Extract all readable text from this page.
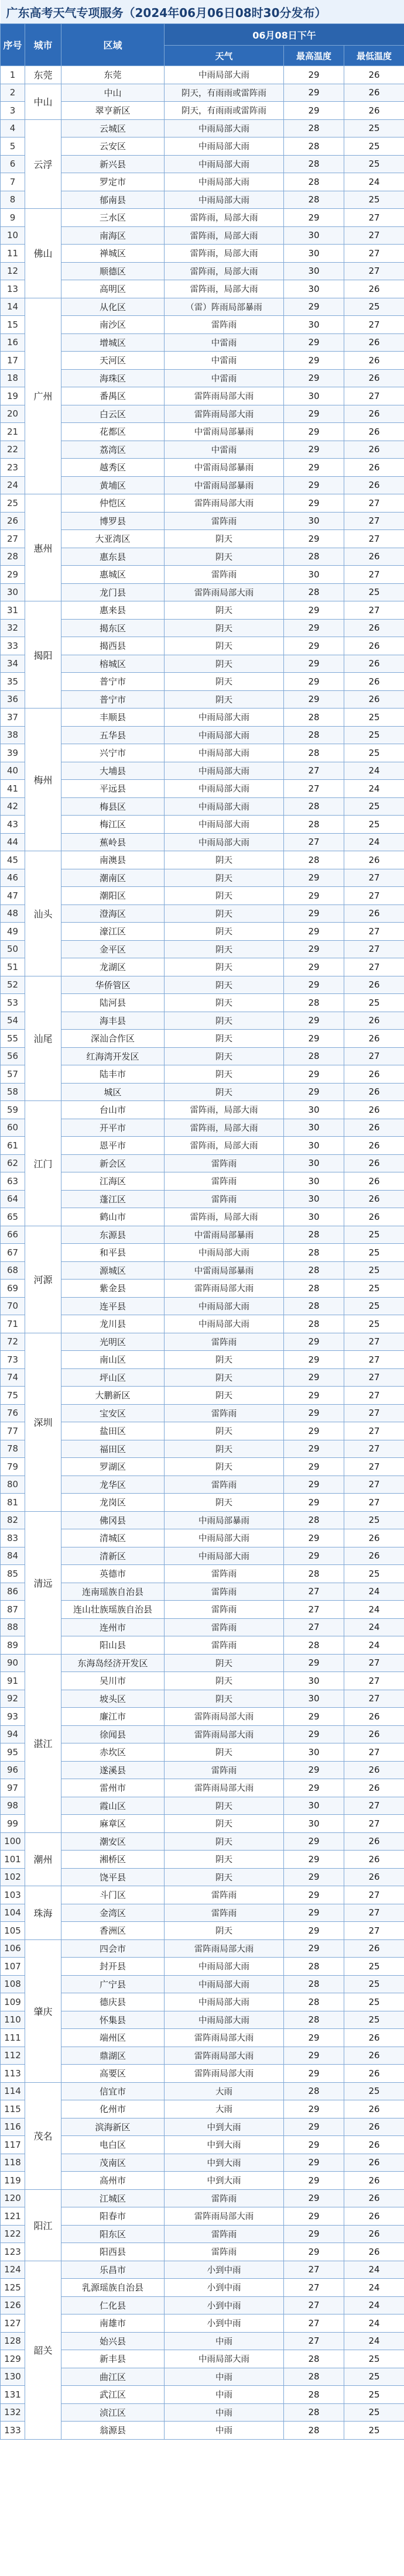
广东高考天气专项服务（2024年06月06日08时30分发布）					
序号	城市	区域	06月08日下午		
			天气	最高温度	最低温度
1	东莞	东莞	中雨局部大雨	29	26
2	中山	中山	阴天，有雨雨或雷阵雨	29	26
3		翠亨新区	阴天，有雨雨或雷阵雨	29	26
4	云浮	云城区	中雨局部大雨	28	25
5		云安区	中雨局部大雨	28	25
6		新兴县	中雨局部大雨	28	25
7		罗定市	中雨局部大雨	28	24
8		郁南县	中雨局部大雨	28	25
9	佛山	三水区	雷阵雨，局部大雨	29	27
10		南海区	雷阵雨，局部大雨	30	27
11		禅城区	雷阵雨，局部大雨	30	27
12		顺德区	雷阵雨，局部大雨	30	27
13		高明区	雷阵雨，局部大雨	30	26
14	广州	从化区	（雷）阵雨局部暴雨	29	25
15		南沙区	雷阵雨	30	27
16		增城区	中雷雨	29	26
17		天河区	中雷雨	29	26
18		海珠区	中雷雨	29	26
19		番禺区	雷阵雨局部大雨	30	27
20		白云区	雷阵雨局部大雨	29	26
21		花都区	中雷雨局部暴雨	29	26
22		荔湾区	中雷雨	29	26
23		越秀区	中雷雨局部暴雨	29	26
24		黄埔区	中雷雨局部暴雨	29	26
25	惠州	仲恺区	雷阵雨局部大雨	29	27
26		博罗县	雷阵雨	30	27
27		大亚湾区	阴天	29	27
28		惠东县	阴天	28	26
29		惠城区	雷阵雨	30	27
30		龙门县	雷阵雨局部大雨	28	25
31	揭阳	惠来县	阴天	29	27
32		揭东区	阴天	29	26
33		揭西县	阴天	29	26
34		榕城区	阴天	29	26
35		普宁市	阴天	29	26
36		普宁市	阴天	29	26
37	梅州	丰顺县	中雨局部大雨	28	25
38		五华县	中雨局部大雨	28	25
39		兴宁市	中雨局部大雨	28	25
40		大埔县	中雨局部大雨	27	24
41		平远县	中雨局部大雨	27	24
42		梅县区	中雨局部大雨	28	25
43		梅江区	中雨局部大雨	28	25
44		蕉岭县	中雨局部大雨	27	24
45	汕头	南澳县	阴天	28	26
46		潮南区	阴天	29	27
47		潮阳区	阴天	29	27
48		澄海区	阴天	29	26
49		濠江区	阴天	29	27
50		金平区	阴天	29	27
51		龙湖区	阴天	29	27
52	汕尾	华侨管区	阴天	29	26
53		陆河县	阴天	28	25
54		海丰县	阴天	29	26
55		深汕合作区	阴天	29	26
56		红海湾开发区	阴天	28	27
57		陆丰市	阴天	29	26
58		城区	阴天	29	26
59	江门	台山市	雷阵雨，局部大雨	30	26
60		开平市	雷阵雨，局部大雨	30	26
61		恩平市	雷阵雨，局部大雨	30	26
62		新会区	雷阵雨	30	26
63		江海区	雷阵雨	30	26
64		蓬江区	雷阵雨	30	26
65		鹤山市	雷阵雨，局部大雨	30	26
66	河源	东源县	中雷雨局部暴雨	28	25
67		和平县	中雨局部大雨	28	25
68		源城区	中雷雨局部暴雨	28	25
69		紫金县	雷阵雨局部大雨	28	25
70		连平县	中雨局部大雨	28	25
71		龙川县	中雨局部大雨	28	25
72	深圳	光明区	雷阵雨	29	27
73		南山区	阴天	29	27
74		坪山区	阴天	29	27
75		大鹏新区	阴天	29	27
76		宝安区	雷阵雨	29	27
77		盐田区	阴天	29	27
78		福田区	阴天	29	27
79		罗湖区	阴天	29	27
80		龙华区	雷阵雨	29	27
81		龙岗区	阴天	29	27
82	清远	佛冈县	中雨局部暴雨	28	25
83		清城区	中雨局部大雨	29	26
84		清新区	中雨局部大雨	29	26
85		英德市	雷阵雨	28	25
86		连南瑶族自治县	雷阵雨	27	24
87		连山壮族瑶族自治县	雷阵雨	27	24
88		连州市	雷阵雨	27	24
89		阳山县	雷阵雨	28	24
90	湛江	东海岛经济开发区	阴天	29	27
91		吴川市	阴天	30	27
92		坡头区	阴天	30	27
93		廉江市	雷阵雨局部大雨	29	26
94		徐闻县	雷阵雨局部大雨	29	26
95		赤坎区	阴天	30	27
96		遂溪县	雷阵雨	29	26
97		雷州市	雷阵雨局部大雨	29	26
98		霞山区	阴天	30	27
99		麻章区	阴天	30	27
100	潮州	潮安区	阴天	29	26
101		湘桥区	阴天	29	26
102		饶平县	阴天	29	26
103	珠海	斗门区	雷阵雨	29	27
104		金湾区	雷阵雨	29	27
105		香洲区	阴天	29	27
106	肇庆	四会市	雷阵雨局部大雨	29	26
107		封开县	中雨局部大雨	28	25
108		广宁县	中雨局部大雨	28	25
109		德庆县	中雨局部大雨	28	25
110		怀集县	中雨局部大雨	28	25
111		端州区	雷阵雨局部大雨	29	26
112		鼎湖区	雷阵雨局部大雨	29	26
113		高要区	雷阵雨局部大雨	29	26
114	茂名	信宜市	大雨	28	25
115		化州市	大雨	29	26
116		滨海新区	中到大雨	29	26
117		电白区	中到大雨	29	26
118		茂南区	中到大雨	29	26
119		高州市	中到大雨	29	26
120	阳江	江城区	雷阵雨	29	26
121		阳春市	雷阵雨局部大雨	29	26
122		阳东区	雷阵雨	29	26
123		阳西县	雷阵雨	29	26
124	韶关	乐昌市	小到中雨	27	24
125		乳源瑶族自治县	小到中雨	27	24
126		仁化县	小到中雨	27	24
127		南雄市	小到中雨	27	24
128		始兴县	中雨	27	24
129		新丰县	中雨局部大雨	28	25
130		曲江区	中雨	28	25
131		武江区	中雨	28	25
132		浈江区	中雨	28	25
133		翁源县	中雨	28	25
